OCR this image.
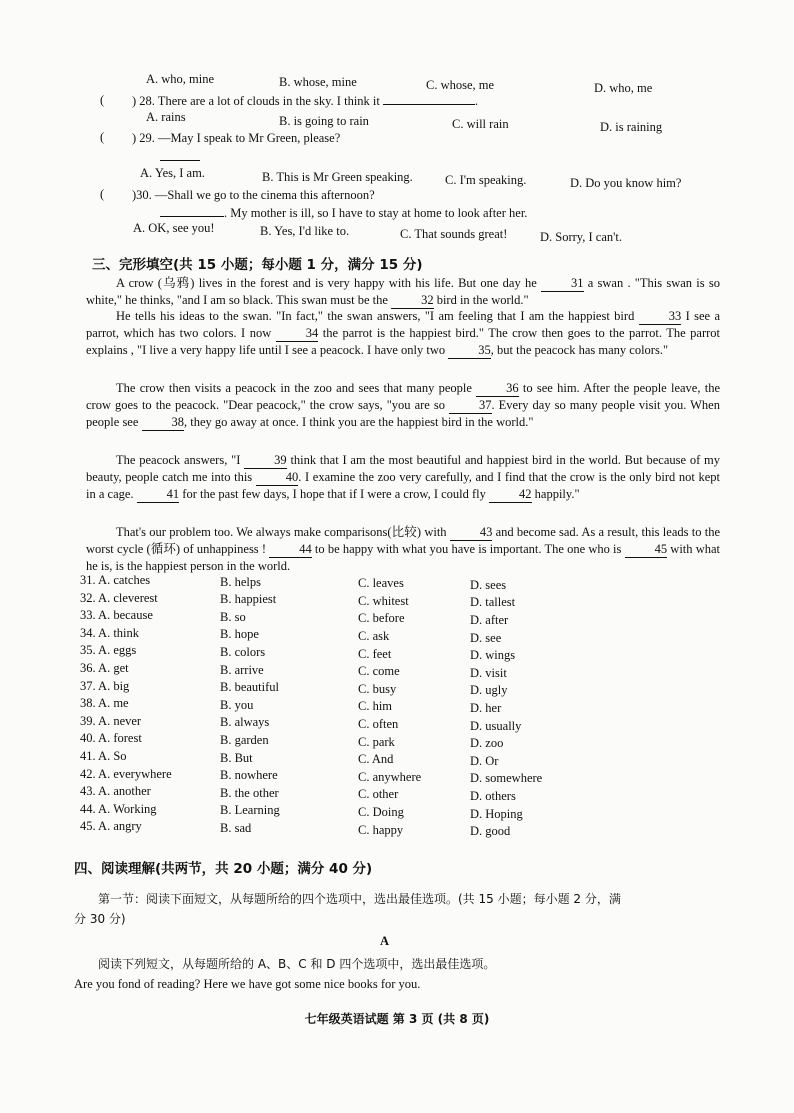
A. who, mine	B. whose, mine	C. whose, me	D. who, me
( ) 28. There are a lot of clouds in the sky. I think it	.
A. rains	B. is going to rain	C. will rain	D. is raining
( ) 29. —May I speak to Mr Green, please?
A. Yes, I am.	B. This is Mr Green speaking.	C. I'm speaking.	D. Do you know him?
( )30. —Shall we go to the cinema this afternoon?
. My mother is ill, so I have to stay at home to look after her.
A. OK, see you!	B. Yes, I'd like to.	C. That sounds great!	D. Sorry, I can't.
三、完形填空(共 15 小题；每小题 1 分，满分 15 分)
A crow (乌鸦) lives in the forest and is very happy with his life. But one day he 31 a swan . "This swan is so white," he thinks, "and I am so black. This swan must be the 32 bird in the world."
He tells his ideas to the swan. "In fact," the swan answers, "I am feeling that I am the happiest bird 33 I see a parrot, which has two colors. I now 34 the parrot is the happiest bird." The crow then goes to the parrot. The parrot explains , "I live a very happy life until I see a peacock. I have only two 35, but the peacock has many colors."
The crow then visits a peacock in the zoo and sees that many people 36 to see him. After the people leave, the crow goes to the peacock. "Dear peacock," the crow says, "you are so 37. Every day so many people visit you. When people see 38, they go away at once. I think you are the happiest bird in the world."
The peacock answers, "I 39 think that I am the most beautiful and happiest bird in the world. But because of my beauty, people catch me into this 40. I examine the zoo very carefully, and I find that the crow is the only bird not kept in a cage. 41 for the past few days, I hope that if I were a crow, I could fly 42 happily."
That's our problem too. We always make comparisons(比较) with 43 and become sad. As a result, this leads to the worst cycle (循环) of unhappiness ! 44 to be happy with what you have is important. The one who is 45 with what he is, is the happiest person in the world.
31. A. catches	B. helps	C. leaves	D. sees
32. A. cleverest	B. happiest	C. whitest	D. tallest
33. A. because	B. so	C. before	D. after
34. A. think	B. hope	C. ask	D. see
35. A. eggs	B. colors	C. feet	D. wings
36. A. get	B. arrive	C. come	D. visit
37. A. big	B. beautiful	C. busy	D. ugly
38. A. me	B. you	C. him	D. her
39. A. never	B. always	C. often	D. usually
40. A. forest	B. garden	C. park	D. zoo
41. A. So	B. But	C. And	D. Or
42. A. everywhere	B. nowhere	C. anywhere	D. somewhere
43. A. another	B. the other	C. other	D. others
44. A. Working	B. Learning	C. Doing	D. Hoping
45. A. angry	B. sad	C. happy	D. good
四、阅读理解(共两节，共 20 小题；满分 40 分)
第一节：阅读下面短文，从每题所给的四个选项中，选出最佳选项。(共 15 小题；每小题 2 分，满
分 30 分)
A
阅读下列短文，从每题所给的 A、B、C 和 D 四个选项中，选出最佳选项。
Are you fond of reading? Here we have got some nice books for you.
七年级英语试题 第 3 页 (共 8 页)
